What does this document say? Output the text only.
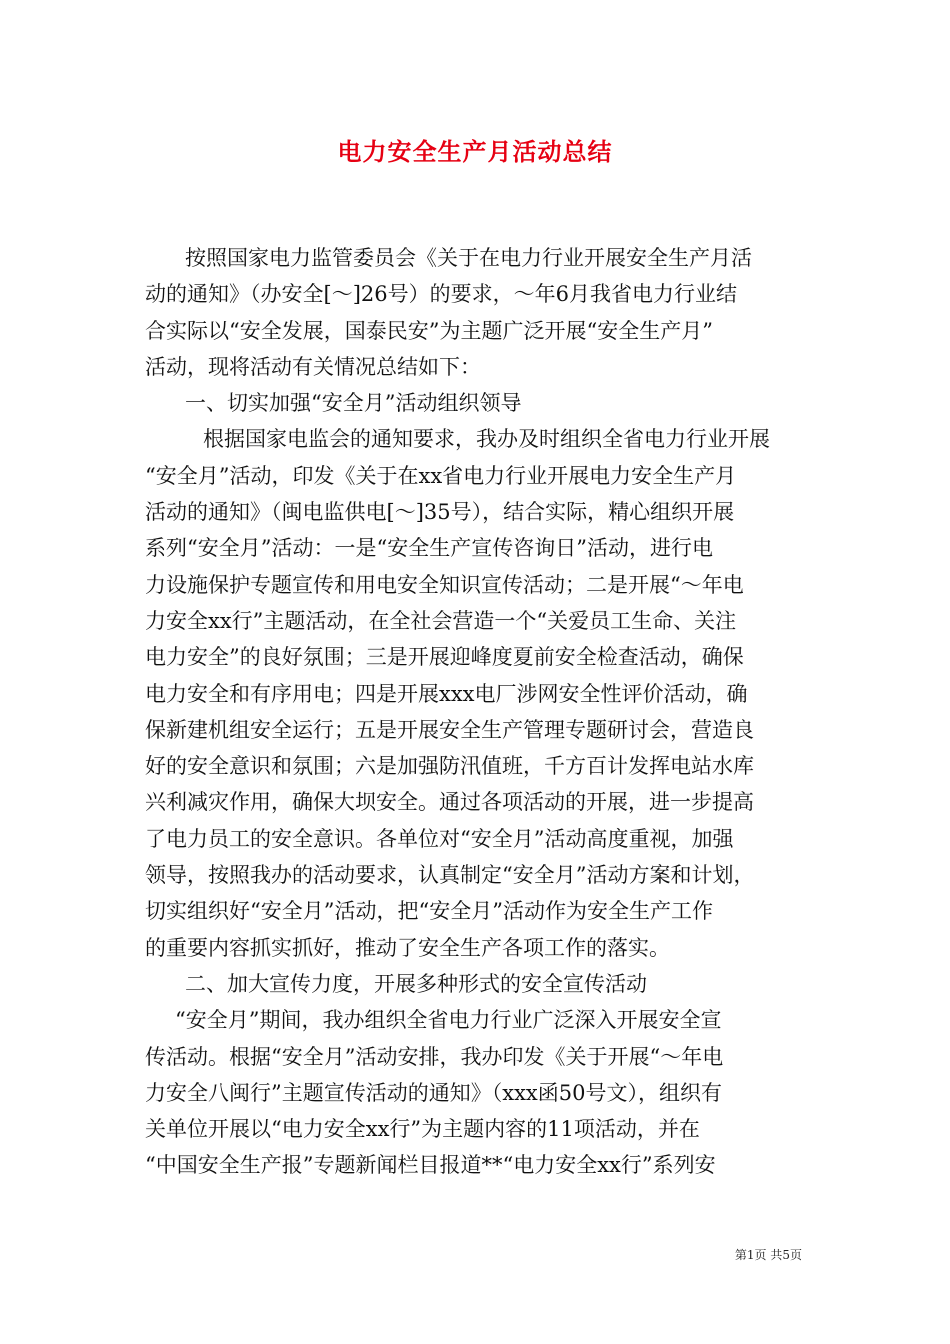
电力安全生产月活动总结
按照国家电力监管委员会《关于在电力行业开展安全生产月活
动的通知》（办安全[～]26号）的要求，～年6月我省电力行业结
合实际以“安全发展，国泰民安”为主题广泛开展“安全生产月”
活动，现将活动有关情况总结如下：
一、切实加强“安全月”活动组织领导
根据国家电监会的通知要求，我办及时组织全省电力行业开展
“安全月”活动，印发《关于在xx省电力行业开展电力安全生产月
活动的通知》（闽电监供电[～]35号），结合实际，精心组织开展
系列“安全月”活动：一是“安全生产宣传咨询日”活动，进行电
力设施保护专题宣传和用电安全知识宣传活动；二是开展“～年电
力安全xx行”主题活动，在全社会营造一个“关爱员工生命、关注
电力安全”的良好氛围；三是开展迎峰度夏前安全检查活动，确保
电力安全和有序用电；四是开展xxx电厂涉网安全性评价活动，确
保新建机组安全运行；五是开展安全生产管理专题研讨会，营造良
好的安全意识和氛围；六是加强防汛值班，千方百计发挥电站水库
兴利减灾作用，确保大坝安全。通过各项活动的开展，进一步提高
了电力员工的安全意识。各单位对“安全月”活动高度重视，加强
领导，按照我办的活动要求，认真制定“安全月”活动方案和计划，
切实组织好“安全月”活动，把“安全月”活动作为安全生产工作
的重要内容抓实抓好，推动了安全生产各项工作的落实。
二、加大宣传力度，开展多种形式的安全宣传活动
“安全月”期间，我办组织全省电力行业广泛深入开展安全宣
传活动。根据“安全月”活动安排，我办印发《关于开展“～年电
力安全八闽行”主题宣传活动的通知》（xxx函50号文），组织有
关单位开展以“电力安全xx行”为主题内容的11项活动，并在
“中国安全生产报”专题新闻栏目报道**“电力安全xx行”系列安
第1页 共5页
